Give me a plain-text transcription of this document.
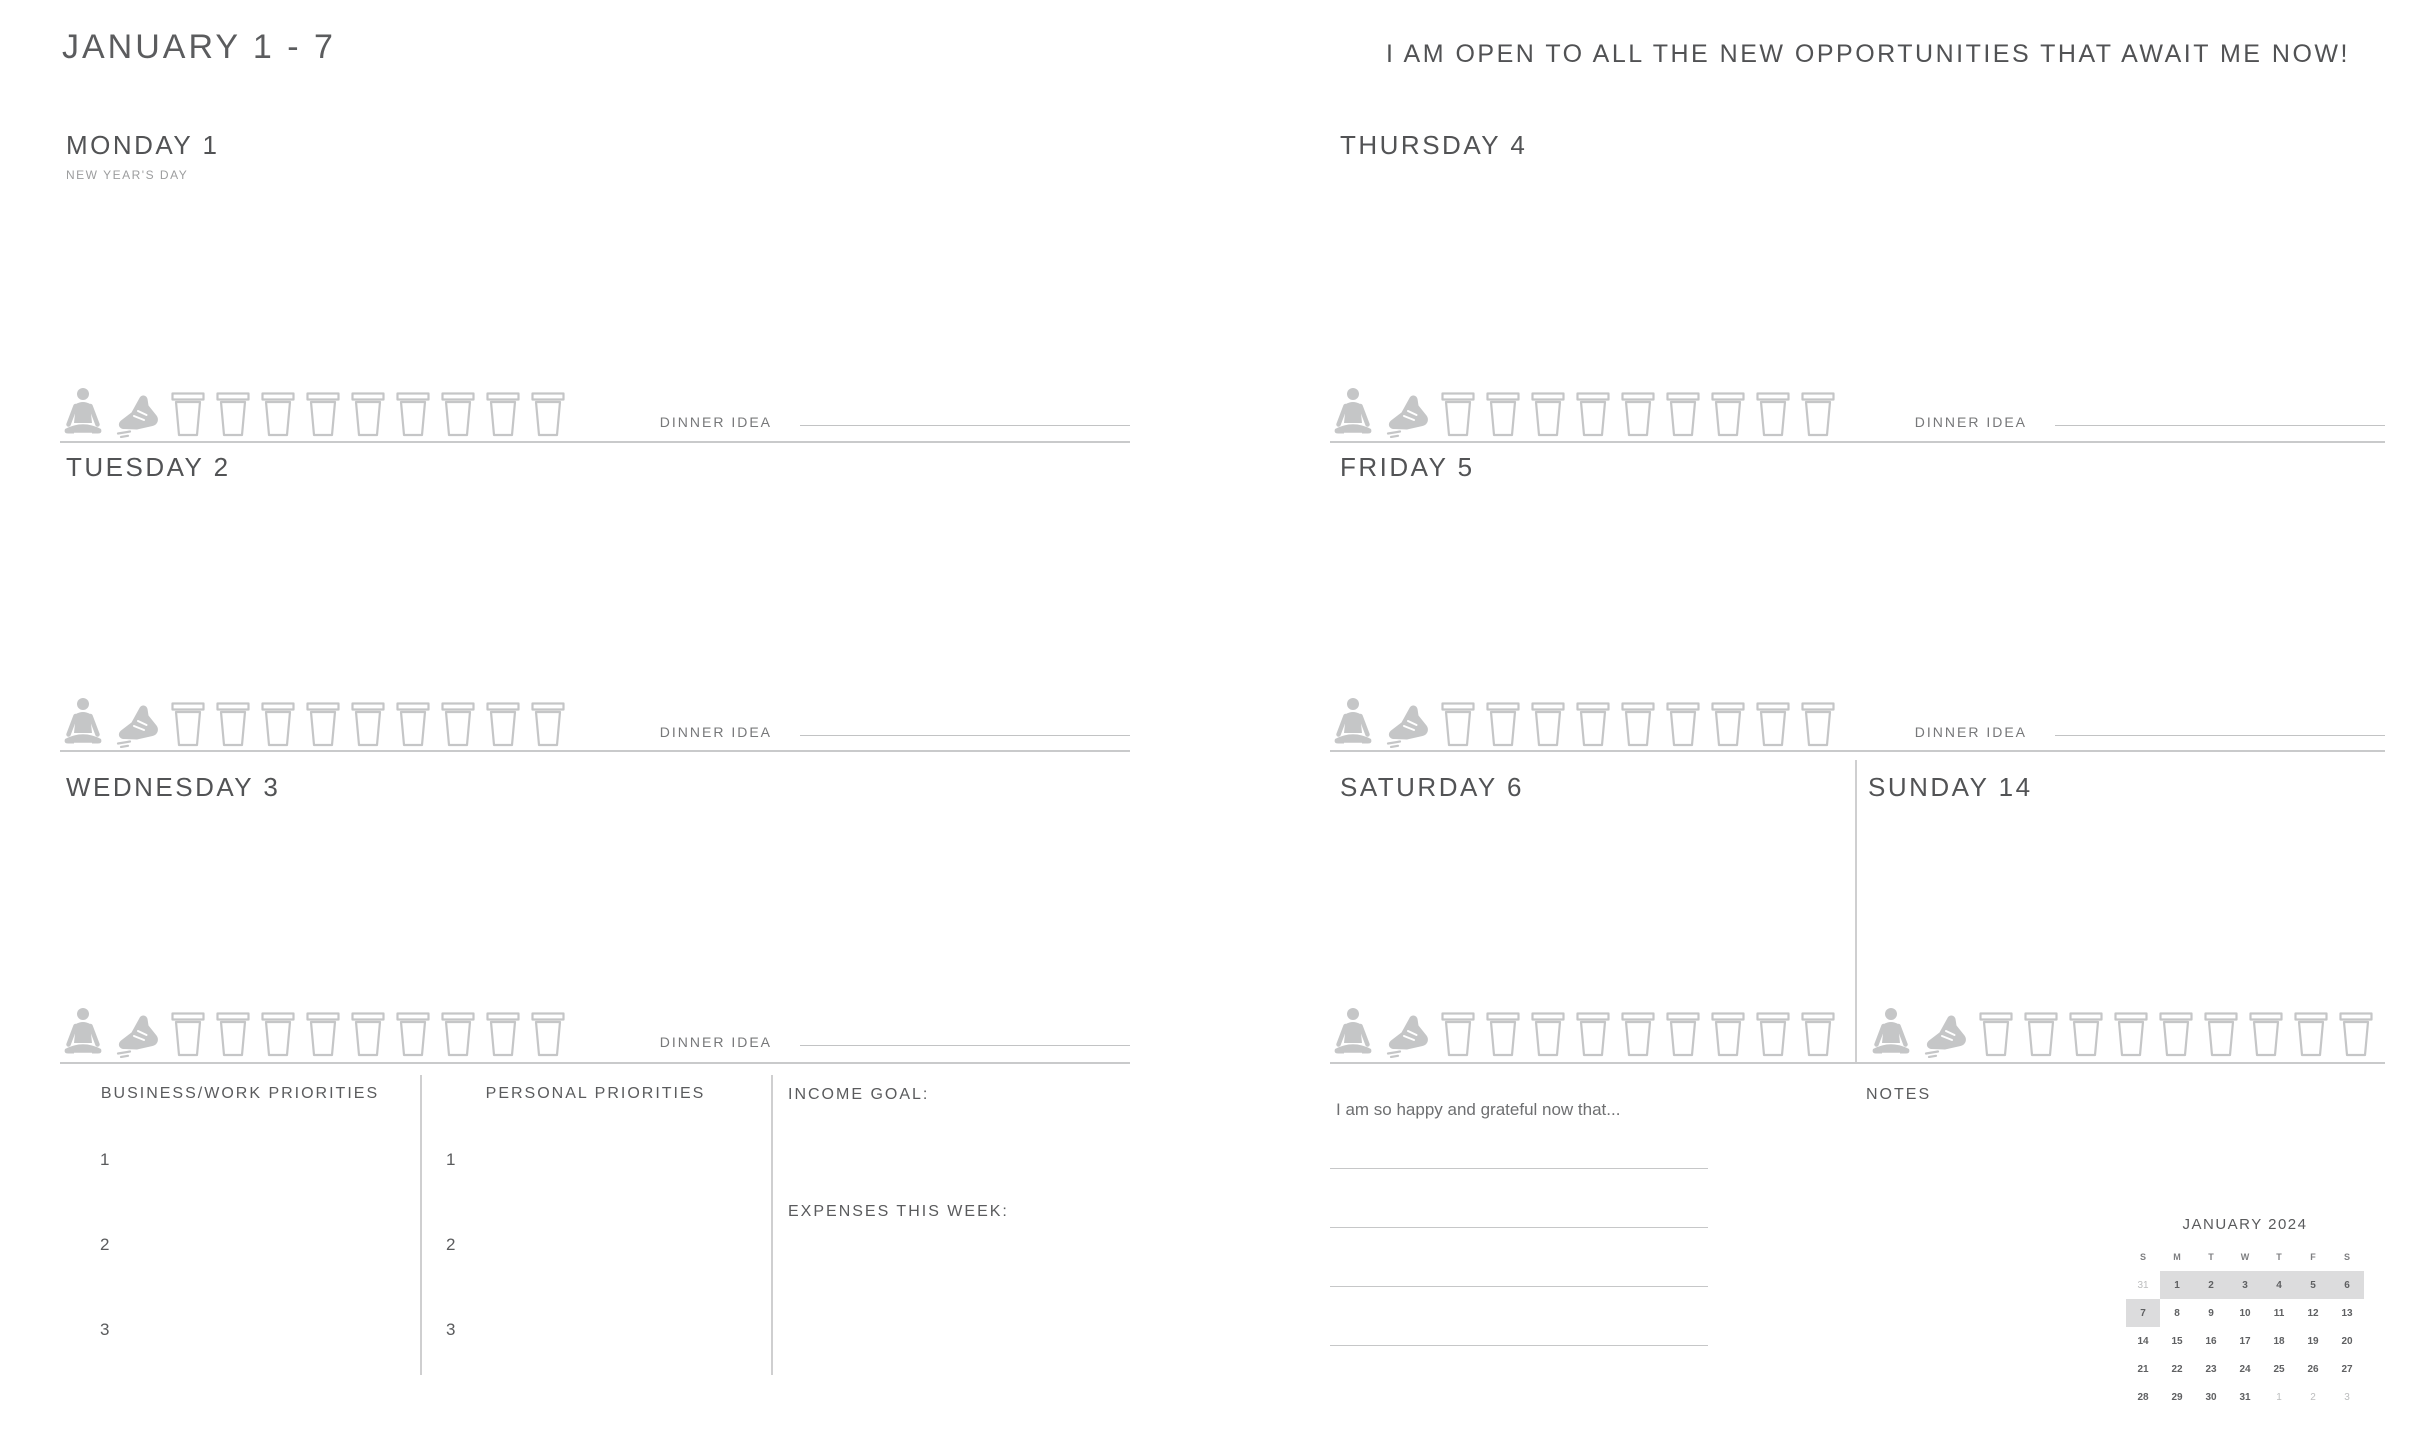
JANUARY 1 - 7
MONDAY 1
NEW YEAR'S DAY
DINNER IDEA
TUESDAY 2
DINNER IDEA
WEDNESDAY 3
DINNER IDEA
BUSINESS/WORK PRIORITIES	PERSONAL PRIORITIES
1
2
3
1
2
3
INCOME GOAL:
EXPENSES THIS WEEK:
I AM OPEN TO ALL THE NEW OPPORTUNITIES THAT AWAIT ME NOW!
THURSDAY 4
DINNER IDEA
FRIDAY 5
DINNER IDEA
SATURDAY 6	SUNDAY 14
I am so happy and grateful now that...
NOTES
JANUARY 2024
S	M	T	W	T	F	S
31	1	2	3	4	5	6
7	8	9	10	11	12	13
14	15	16	17	18	19	20
21	22	23	24	25	26	27
28	29	30	31	1	2	3
